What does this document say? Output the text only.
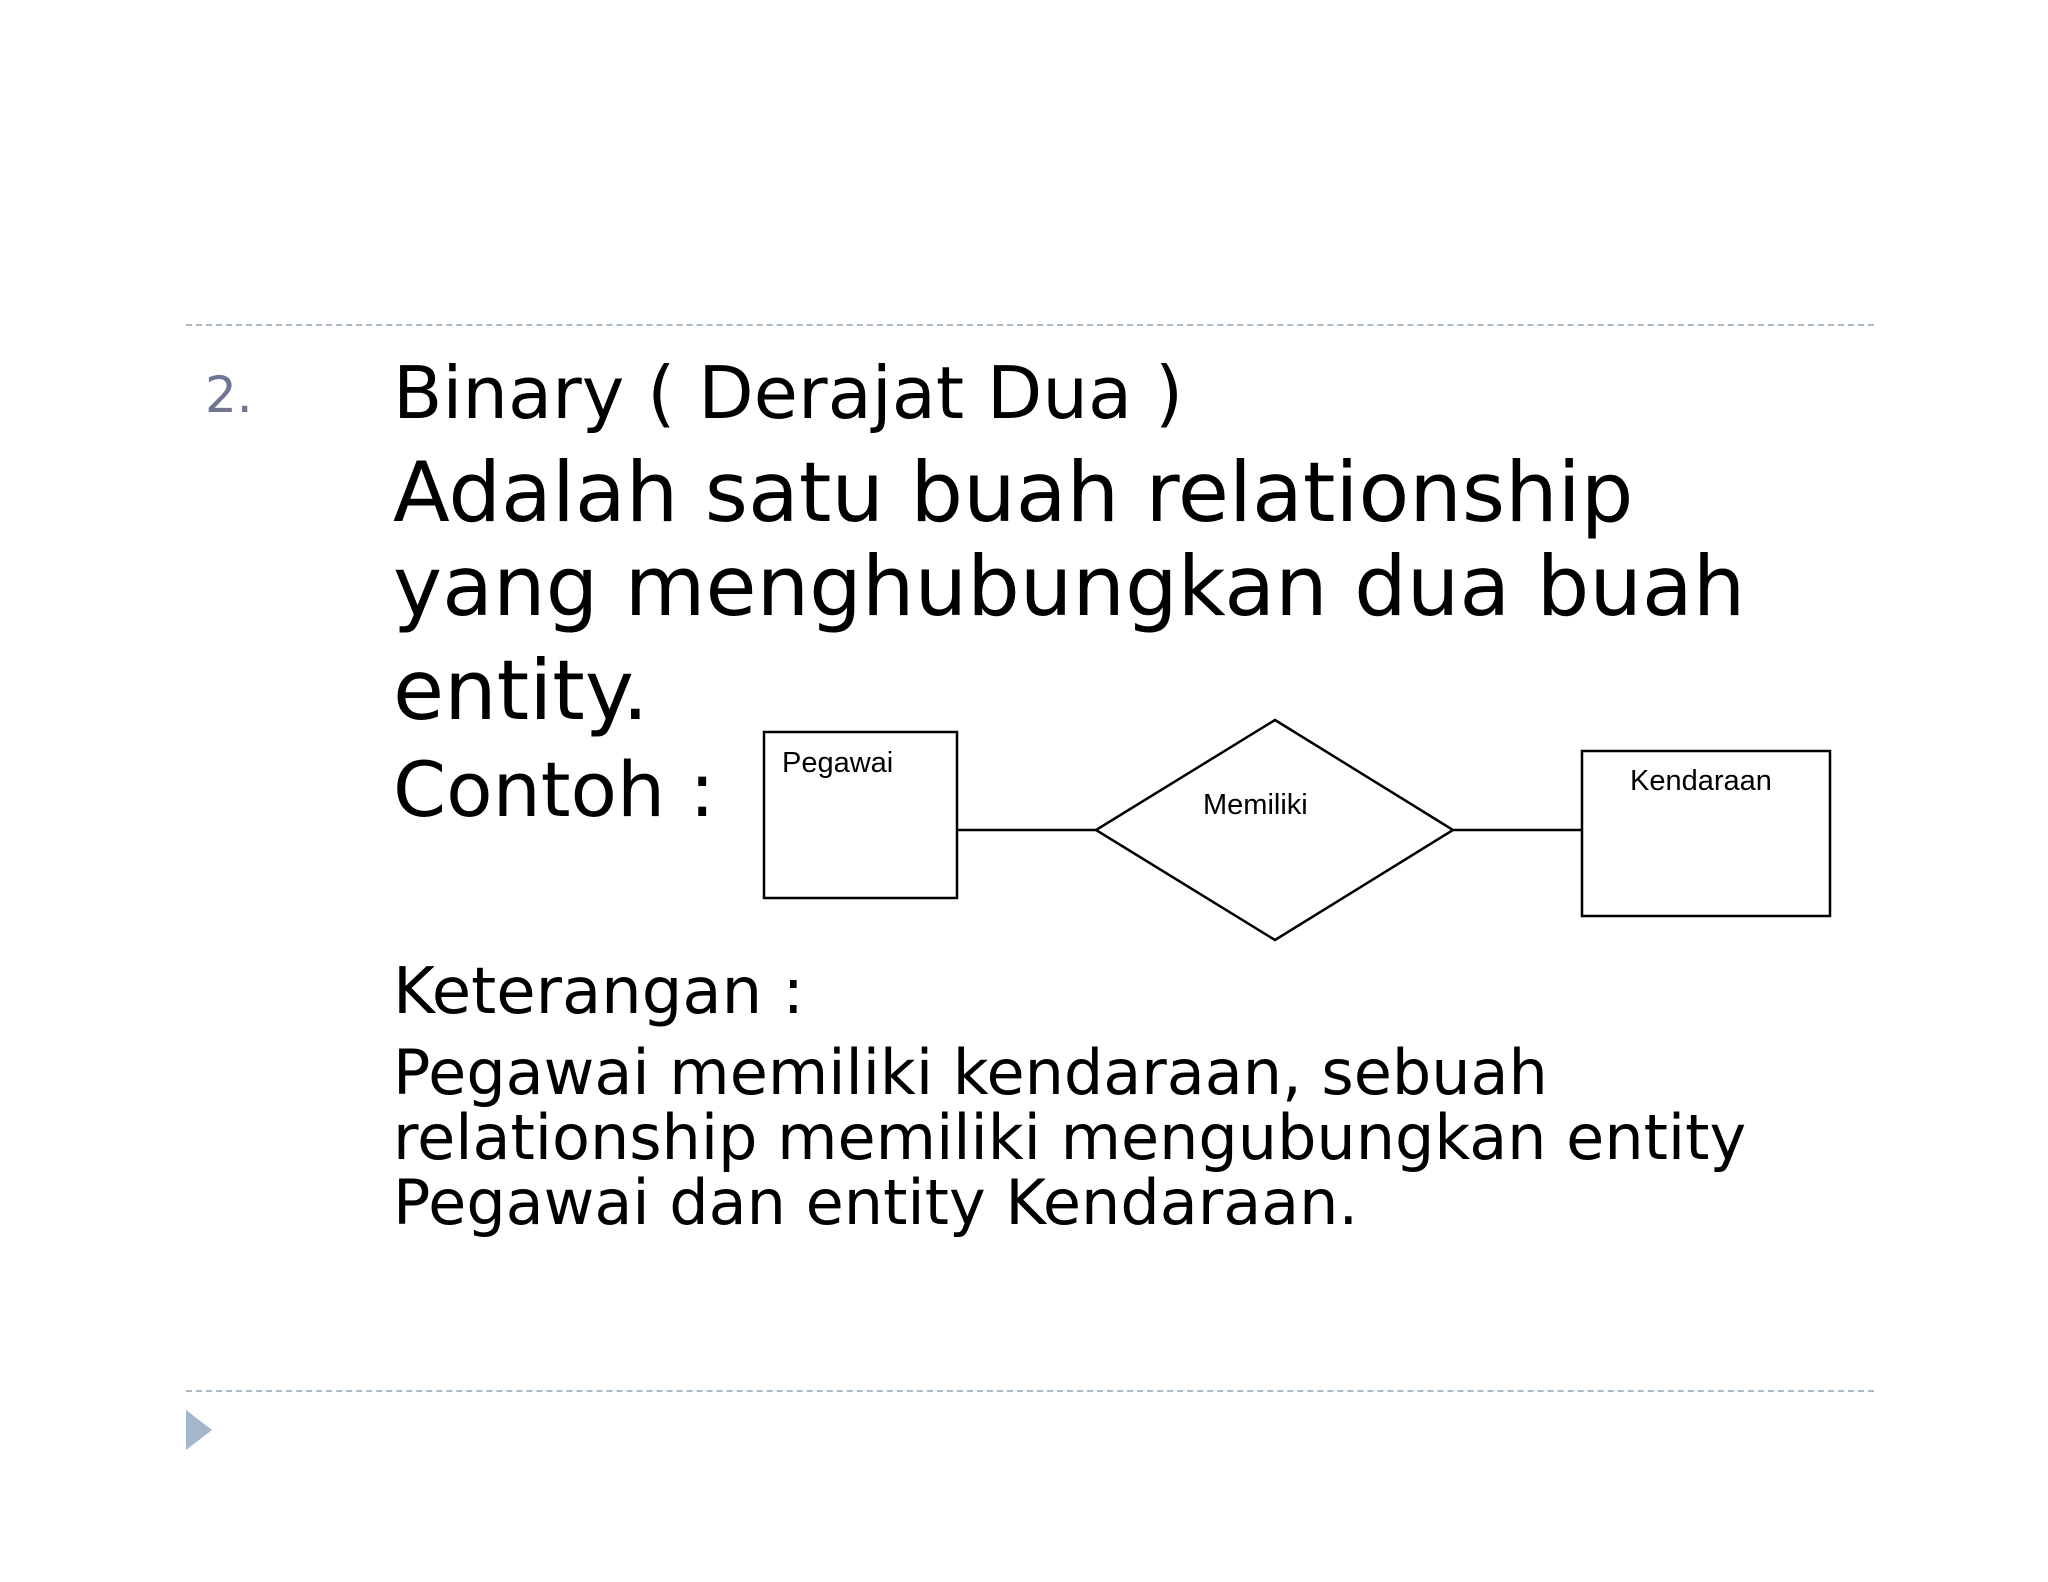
2. Binary ( Derajat Dua )
Adalah satu buah relationship
yang menghubungkan dua buah
entity.
Contoh : Pegawai
Memiliki
Kendaraan
Keterangan :
Pegawai memiliki kendaraan, sebuah
relationship memiliki mengubungkan entity
Pegawai dan entity Kendaraan.
